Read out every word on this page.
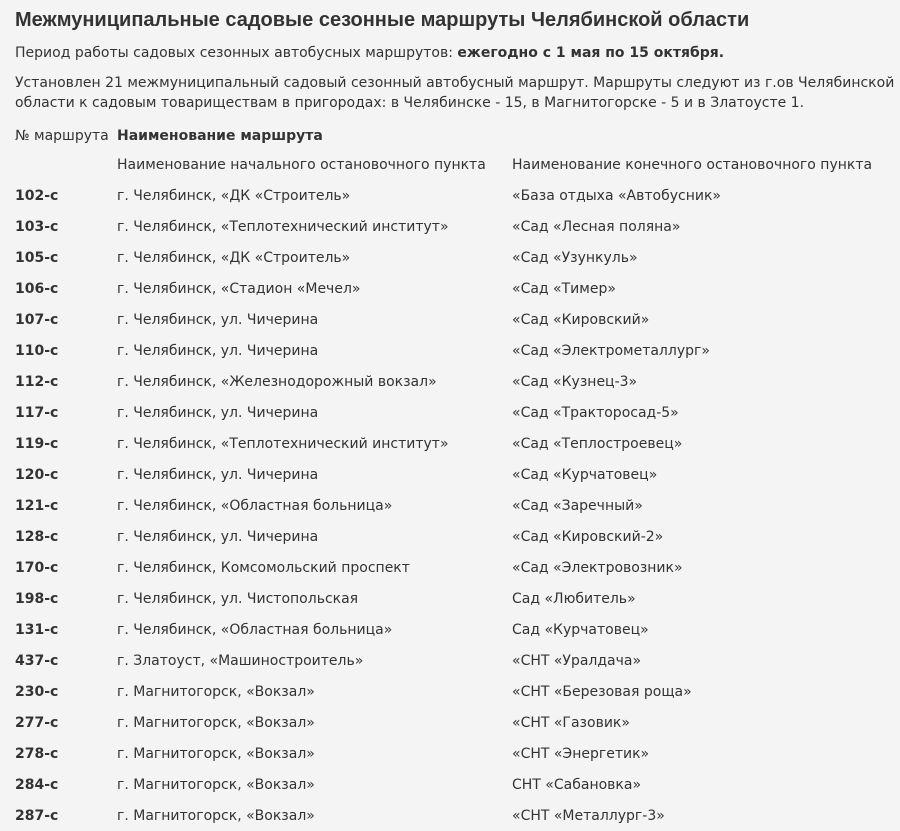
Межмуниципальные садовые сезонные маршруты Челябинской области

Период работы садовых сезонных автобусных маршрутов: ежегодно с 1 мая по 15 октября.

Установлен 21 межмуниципальный садовый сезонный автобусный маршрут. Маршруты следуют из г.ов Челябинской области к садовым товариществам в пригородах: в Челябинске - 15, в Магнитогорске - 5 и в Златоусте 1.

№ маршрута	Наименование маршрута	
	Наименование начального остановочного пункта	Наименование конечного остановочного пункта
102-с	г. Челябинск, «ДК «Строитель»	«База отдыха «Автобусник»
103-с	г. Челябинск, «Теплотехнический институт»	«Сад «Лесная поляна»
105-с	г. Челябинск, «ДК «Строитель»	«Сад «Узункуль»
106-с	г. Челябинск, «Стадион «Мечел»	«Сад «Тимер»
107-с	г. Челябинск, ул. Чичерина	«Сад «Кировский»
110-с	г. Челябинск, ул. Чичерина	«Сад «Электрометаллург»
112-с	г. Челябинск, «Железнодорожный вокзал»	«Сад «Кузнец-3»
117-с	г. Челябинск, ул. Чичерина	«Сад «Тракторосад-5»
119-с	г. Челябинск, «Теплотехнический институт»	«Сад «Теплостроевец»
120-с	г. Челябинск, ул. Чичерина	«Сад «Курчатовец»
121-с	г. Челябинск, «Областная больница»	«Сад «Заречный»
128-с	г. Челябинск, ул. Чичерина	«Сад «Кировский-2»
170-с	г. Челябинск, Комсомольский проспект	«Сад «Электровозник»
198-с	г. Челябинск, ул. Чистопольская	Сад «Любитель»
131-с	г. Челябинск, «Областная больница»	Сад «Курчатовец»
437-с	г. Златоуст, «Машиностроитель»	«СНТ «Уралдача»
230-с	г. Магнитогорск, «Вокзал»	«СНТ «Березовая роща»
277-с	г. Магнитогорск, «Вокзал»	«СНТ «Газовик»
278-с	г. Магнитогорск, «Вокзал»	«СНТ «Энергетик»
284-с	г. Магнитогорск, «Вокзал»	СНТ «Сабановка»
287-с	г. Магнитогорск, «Вокзал»	«СНТ «Металлург-3»
